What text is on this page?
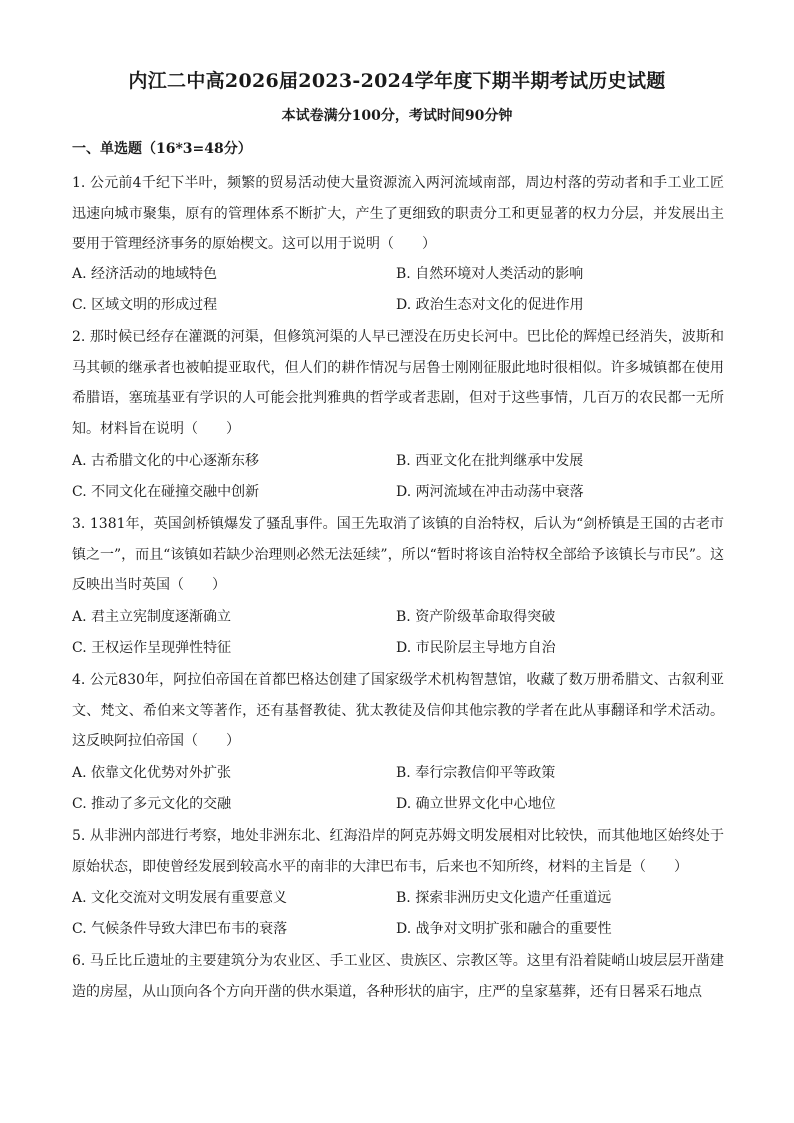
内江二中高2026届2023-2024学年度下期半期考试历史试题
本试卷满分100分，考试时间90分钟
一、单选题（16*3=48分）

1. 公元前4千纪下半叶，频繁的贸易活动使大量资源流入两河流域南部，周边村落的劳动者和手工业工匠迅速向城市聚集，原有的管理体系不断扩大，产生了更细致的职责分工和更显著的权力分层，并发展出主要用于管理经济事务的原始楔文。这可以用于说明（　　）

A. 经济活动的地域特色	B. 自然环境对人类活动的影响
C. 区域文明的形成过程	D. 政治生态对文化的促进作用

2. 那时候已经存在灌溉的河渠，但修筑河渠的人早已湮没在历史长河中。巴比伦的辉煌已经消失，波斯和马其顿的继承者也被帕提亚取代，但人们的耕作情况与居鲁士刚刚征服此地时很相似。许多城镇都在使用希腊语，塞琉基亚有学识的人可能会批判雅典的哲学或者悲剧，但对于这些事情，几百万的农民都一无所知。材料旨在说明（　　）

A. 古希腊文化的中心逐渐东移	B. 西亚文化在批判继承中发展
C. 不同文化在碰撞交融中创新	D. 两河流域在冲击动荡中衰落

3. 1381年，英国剑桥镇爆发了骚乱事件。国王先取消了该镇的自治特权，后认为“剑桥镇是王国的古老市镇之一”，而且“该镇如若缺少治理则必然无法延续”，所以“暂时将该自治特权全部给予该镇长与市民”。这反映出当时英国（　　）

A. 君主立宪制度逐渐确立	B. 资产阶级革命取得突破
C. 王权运作呈现弹性特征	D. 市民阶层主导地方自治

4. 公元830年，阿拉伯帝国在首都巴格达创建了国家级学术机构智慧馆，收藏了数万册希腊文、古叙利亚文、梵文、希伯来文等著作，还有基督教徒、犹太教徒及信仰其他宗教的学者在此从事翻译和学术活动。这反映阿拉伯帝国（　　）

A. 依靠文化优势对外扩张	B. 奉行宗教信仰平等政策
C. 推动了多元文化的交融	D. 确立世界文化中心地位

5. 从非洲内部进行考察，地处非洲东北、红海沿岸的阿克苏姆文明发展相对比较快，而其他地区始终处于原始状态，即使曾经发展到较高水平的南非的大津巴布韦，后来也不知所终，材料的主旨是（　　）

A. 文化交流对文明发展有重要意义	B. 探索非洲历史文化遗产任重道远
C. 气候条件导致大津巴布韦的衰落	D. 战争对文明扩张和融合的重要性

6. 马丘比丘遗址的主要建筑分为农业区、手工业区、贵族区、宗教区等。这里有沿着陡峭山坡层层开凿建造的房屋，从山顶向各个方向开凿的供水渠道，各种形状的庙宇，庄严的皇家墓葬，还有日晷采石地点
